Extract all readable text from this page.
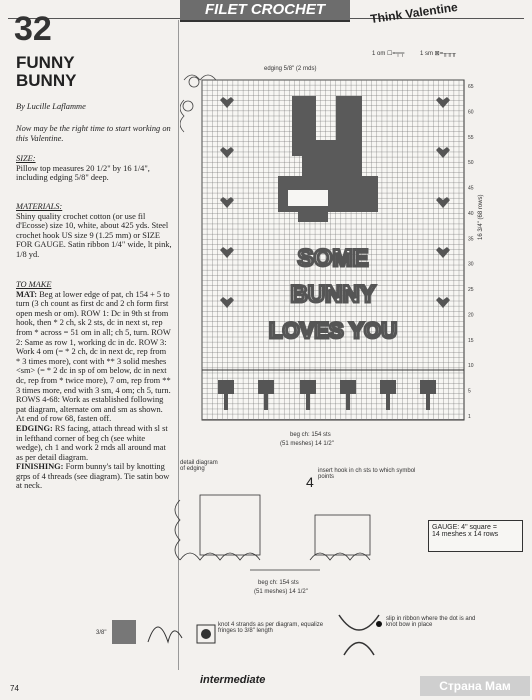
FILET CROCHET	Think Valentine
32
FUNNY
BUNNY
By Lucille Laflamme
Now may be the right time to start working on this Valentine.

SIZE:

Pillow top measures 20 1/2" by 16 1/4", including edging 5/8" deep.

MATERIALS:

Shiny quality crochet cotton (or use fil d'Ecosse) size 10, white, about 425 yds. Steel crochet hook US size 9 (1.25 mm) or SIZE FOR GAUGE. Satin ribbon 1/4" wide, lt pink, 1/8 yd.

TO MAKE

MAT: Beg at lower edge of pat, ch 154 + 5 to turn (3 ch count as first dc and 2 ch form first open mesh or om). ROW 1: Dc in 9th st from hook, then * 2 ch, sk 2 sts, dc in next st, rep from * across = 51 om in all; ch 5, turn. ROW 2: Same as row 1, working dc in dc. ROW 3: Work 4 om (= * 2 ch, dc in next dc, rep from * 3 times more), cont with ** 3 solid meshes <sm> (= * 2 dc in sp of om below, dc in next dc, rep from * twice more), 7 om, rep from ** 3 times more, end with 3 sm, 4 om; ch 5, turn. ROWS 4-68: Work as established following pat diagram, alternate om and sm as shown. At end of row 68, fasten off.

EDGING: RS facing, attach thread with sl st in lefthand corner of beg ch (see white wedge), ch 1 and work 2 rnds all around mat as per detail diagram.

FINISHING: Form bunny's tail by knotting grps of 4 threads (see diagram). Tie satin bow at neck.

SOME
BUNNY
LOVES YOU
edging 5/8" (2 rnds)
16 3/4" (68 rows)
beg ch: 154 sts
(51 meshes) 14 1/2"
65
60
55
50
45
40
35
30
25
20
15
10
5
1
1 om ☐=╤╤	1 sm ⊠=╥╥╥
detail diagram
of edging
4
insert hook in ch sts to which symbol points
beg ch: 154 sts
(51 meshes) 14 1/2"
GAUGE: 4" square =
14 meshes x 14 rows
3/8"
knot 4 strands as per diagram, equalize fringes to 3/8" length
slip in ribbon where the dot is and knot bow in place
74
intermediate	Страна Мам
